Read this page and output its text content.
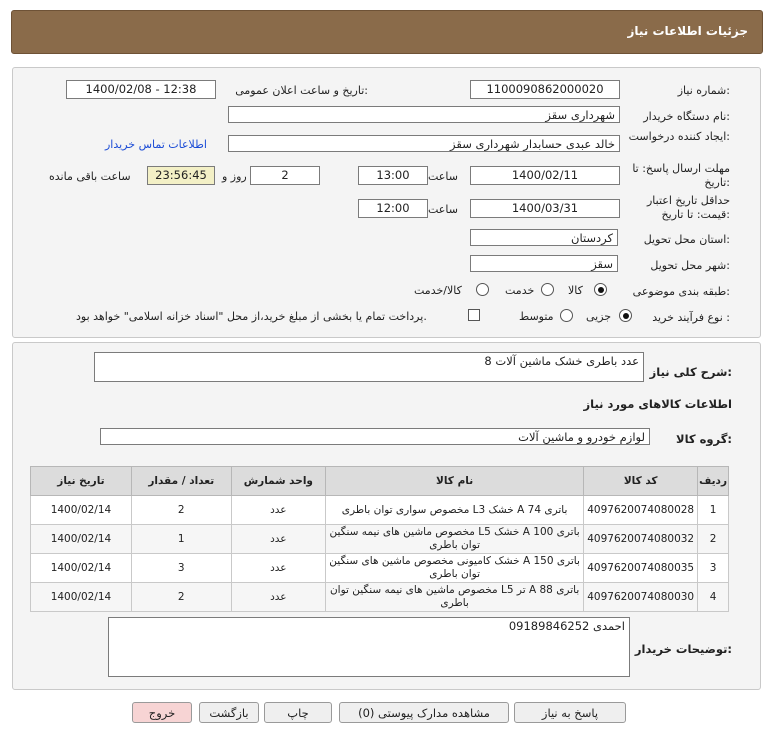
جزئیات اطلاعات نیاز
شماره نیاز:
1100090862000020
تاریخ و ساعت اعلان عمومی:
1400/02/08 - 12:38
نام دستگاه خریدار:
شهرداری سقز
ایجاد کننده درخواست:
خالد عبدی حسابدار شهرداری سقز
اطلاعات تماس خریدار
مهلت ارسال پاسخ: تا تاریخ:
1400/02/11
ساعت
13:00
2
روز و
23:56:45
ساعت باقی مانده
حداقل تاریخ اعتبار قیمت: تا تاریخ:
1400/03/31
ساعت
12:00
استان محل تحویل:
کردستان
شهر محل تحویل:
سقز
طبقه بندی موضوعی:
کالا
خدمت
کالا/خدمت
نوع فرآیند خرید :
جزیی
متوسط
پرداخت تمام یا بخشی از مبلغ خرید،از محل "اسناد خزانه اسلامی" خواهد بود.
شرح کلی نیاز:
8 عدد باطری خشک ماشین آلات
اطلاعات کالاهای مورد نیاز
گروه کالا:
لوازم خودرو و ماشین آلات
ردیف	کد کالا	نام کالا	واحد شمارش	تعداد / مقدار	تاریخ نیاز
1	4097620074080028	باتری 74 A خشک L3 مخصوص سواری توان باطری	عدد	2	1400/02/14
2	4097620074080032	باتری 100 A خشک L5 مخصوص ماشین های نیمه سنگین توان باطری	عدد	1	1400/02/14
3	4097620074080035	باتری 150 A خشک کامیونی مخصوص ماشین های سنگین توان باطری	عدد	3	1400/02/14
4	4097620074080030	باتری 88 A تر L5 مخصوص ماشین های نیمه سنگین توان باطری	عدد	2	1400/02/14
توضیحات خریدار:
احمدی 09189846252
پاسخ به نیاز
مشاهده مدارک پیوستی (0)
چاپ
بازگشت
خروج
